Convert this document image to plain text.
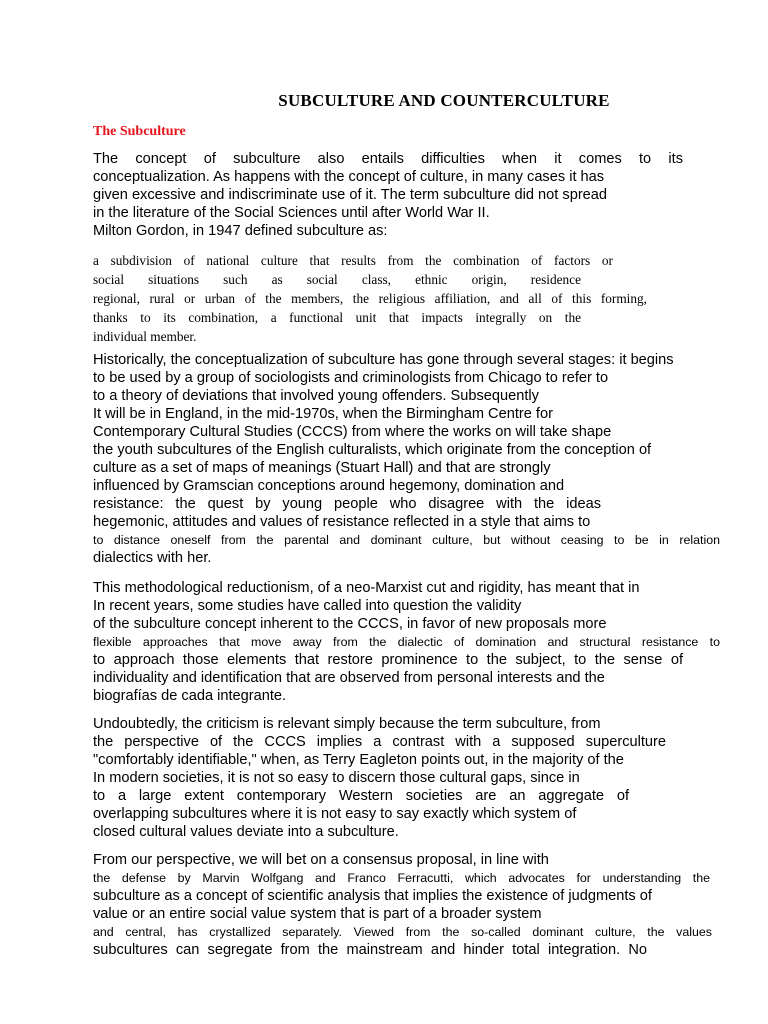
SUBCULTURE AND COUNTERCULTURE
The Subculture
The concept of subculture also entails difficulties when it comes to its
conceptualization. As happens with the concept of culture, in many cases it has
given excessive and indiscriminate use of it. The term subculture did not spread
in the literature of the Social Sciences until after World War II.
Milton Gordon, in 1947 defined subculture as:
a subdivision of national culture that results from the combination of factors or
social situations such as social class, ethnic origin, residence
regional, rural or urban of the members, the religious affiliation, and all of this forming,
thanks to its combination, a functional unit that impacts integrally on the
individual member.
Historically, the conceptualization of subculture has gone through several stages: it begins
to be used by a group of sociologists and criminologists from Chicago to refer to
to a theory of deviations that involved young offenders. Subsequently
It will be in England, in the mid-1970s, when the Birmingham Centre for
Contemporary Cultural Studies (CCCS) from where the works on will take shape
the youth subcultures of the English culturalists, which originate from the conception of
culture as a set of maps of meanings (Stuart Hall) and that are strongly
influenced by Gramscian conceptions around hegemony, domination and
resistance: the quest by young people who disagree with the ideas
hegemonic, attitudes and values of resistance reflected in a style that aims to
to distance oneself from the parental and dominant culture, but without ceasing to be in relation
dialectics with her.
This methodological reductionism, of a neo-Marxist cut and rigidity, has meant that in
In recent years, some studies have called into question the validity
of the subculture concept inherent to the CCCS, in favor of new proposals more
flexible approaches that move away from the dialectic of domination and structural resistance to
to approach those elements that restore prominence to the subject, to the sense of
individuality and identification that are observed from personal interests and the
biografías de cada integrante.
Undoubtedly, the criticism is relevant simply because the term subculture, from
the perspective of the CCCS implies a contrast with a supposed superculture
"comfortably identifiable," when, as Terry Eagleton points out, in the majority of the
In modern societies, it is not so easy to discern those cultural gaps, since in
to a large extent contemporary Western societies are an aggregate of
overlapping subcultures where it is not easy to say exactly which system of
closed cultural values deviate into a subculture.
From our perspective, we will bet on a consensus proposal, in line with
the defense by Marvin Wolfgang and Franco Ferracutti, which advocates for understanding the
subculture as a concept of scientific analysis that implies the existence of judgments of
value or an entire social value system that is part of a broader system
and central, has crystallized separately. Viewed from the so-called dominant culture, the values
subcultures can segregate from the mainstream and hinder total integration. No
